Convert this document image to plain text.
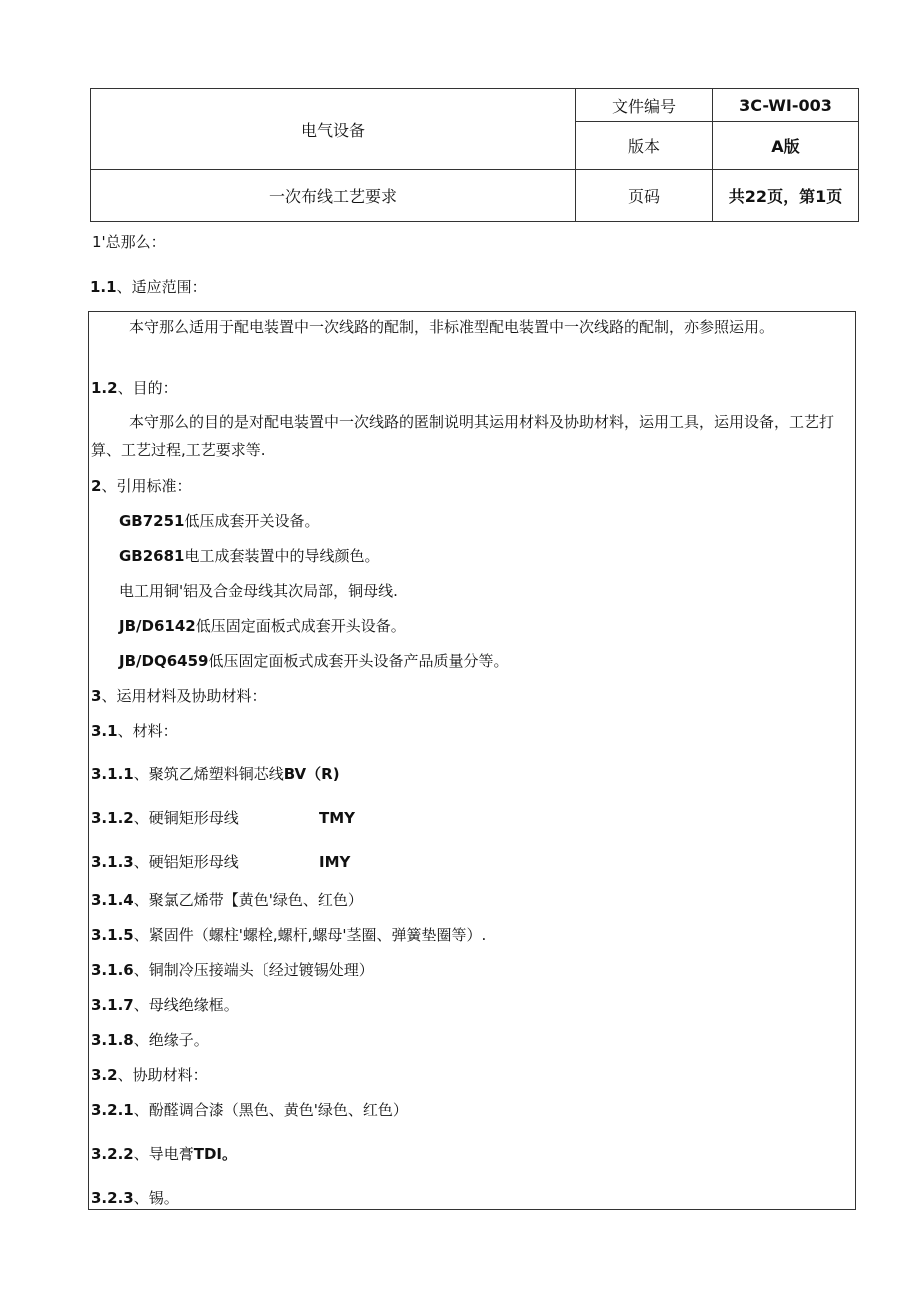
电气设备	文件编号	3C-WI-003
	版本	A版
一次布线工艺要求	页码	共22页，第1页
1'总那么：
1.1、适应范围：
本守那么适用于配电装置中一次线路的配制，非标准型配电装置中一次线路的配制，亦参照运用。
1.2、目的：
本守那么的目的是对配电装置中一次线路的匿制说明其运用材料及协助材料，运用工具，运用设备，工艺打算、工艺过程,工艺要求等.
2、引用标准：
GB7251低压成套开关设备。
GB2681电工成套装置中的导线颜色。
电工用铜'铝及合金母线其次局部，铜母线.
JB/D6142低压固定面板式成套开头设备。
JB/DQ6459低压固定面板式成套开头设备产品质量分等。
3、运用材料及协助材料：
3.1、材料：
3.1.1、聚筑乙烯塑料铜芯线BV（R)
3.1.2、硬铜矩形母线	TMY
3.1.3、硬铝矩形母线	IMY
3.1.4、聚氯乙烯带【黄色'绿色、红色）
3.1.5、紧固件（螺柱'螺栓,螺杆,螺母'茎圈、弹簧垫圈等）.
3.1.6、铜制冷压接端头〔经过镀锡处理）
3.1.7、母线绝缘框。
3.1.8、绝缘子。
3.2、协助材料：
3.2.1、酚醛调合漆（黑色、黄色'绿色、红色）
3.2.2、导电膏TDI。
3.2.3、锡。
